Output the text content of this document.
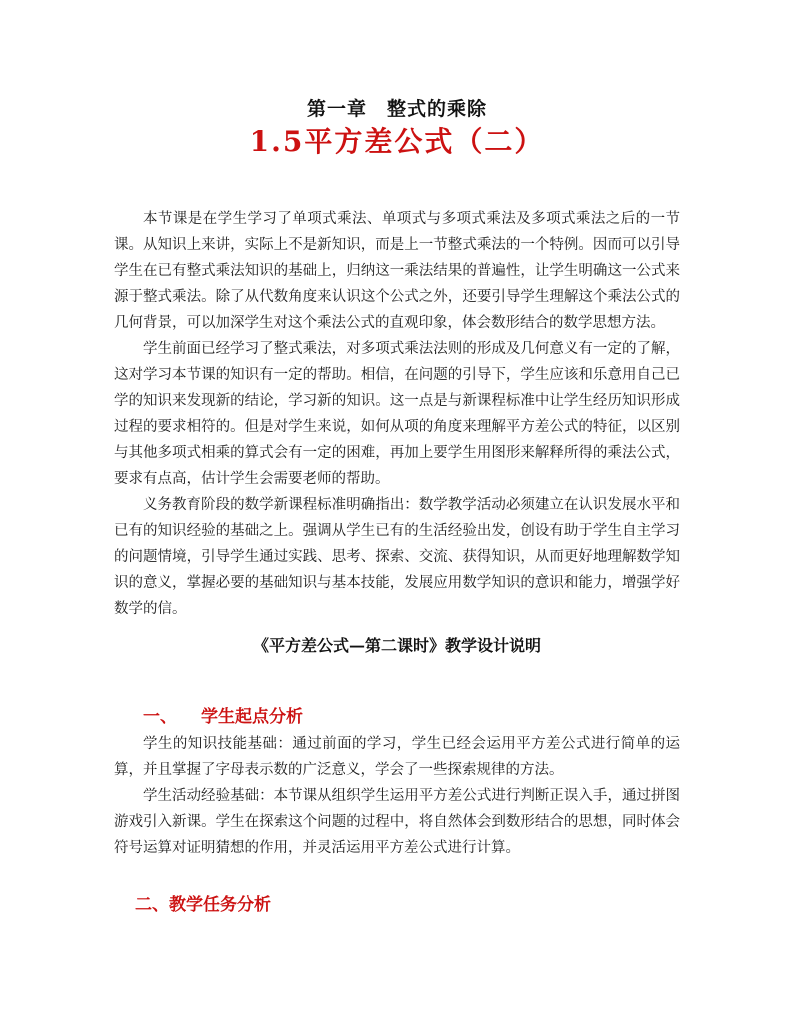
第一章　整式的乘除
1.5平方差公式（二）

本节课是在学生学习了单项式乘法、单项式与多项式乘法及多项式乘法之后的一节课。从知识上来讲，实际上不是新知识，而是上一节整式乘法的一个特例。因而可以引导学生在已有整式乘法知识的基础上，归纳这一乘法结果的普遍性，让学生明确这一公式来源于整式乘法。除了从代数角度来认识这个公式之外，还要引导学生理解这个乘法公式的几何背景，可以加深学生对这个乘法公式的直观印象，体会数形结合的数学思想方法。

学生前面已经学习了整式乘法，对多项式乘法法则的形成及几何意义有一定的了解，这对学习本节课的知识有一定的帮助。相信，在问题的引导下，学生应该和乐意用自己已学的知识来发现新的结论，学习新的知识。这一点是与新课程标准中让学生经历知识形成过程的要求相符的。但是对学生来说，如何从项的角度来理解平方差公式的特征，以区别与其他多项式相乘的算式会有一定的困难，再加上要学生用图形来解释所得的乘法公式，要求有点高，估计学生会需要老师的帮助。

义务教育阶段的数学新课程标准明确指出：数学教学活动必须建立在认识发展水平和已有的知识经验的基础之上。强调从学生已有的生活经验出发，创设有助于学生自主学习的问题情境，引导学生通过实践、思考、探索、交流、获得知识，从而更好地理解数学知识的意义，掌握必要的基础知识与基本技能，发展应用数学知识的意识和能力，增强学好数学的信。

《平方差公式—第二课时》教学设计说明
一、 学生起点分析

学生的知识技能基础：通过前面的学习，学生已经会运用平方差公式进行简单的运算，并且掌握了字母表示数的广泛意义，学会了一些探索规律的方法。

学生活动经验基础：本节课从组织学生运用平方差公式进行判断正误入手，通过拼图游戏引入新课。学生在探索这个问题的过程中，将自然体会到数形结合的思想，同时体会符号运算对证明猜想的作用，并灵活运用平方差公式进行计算。

二、教学任务分析
